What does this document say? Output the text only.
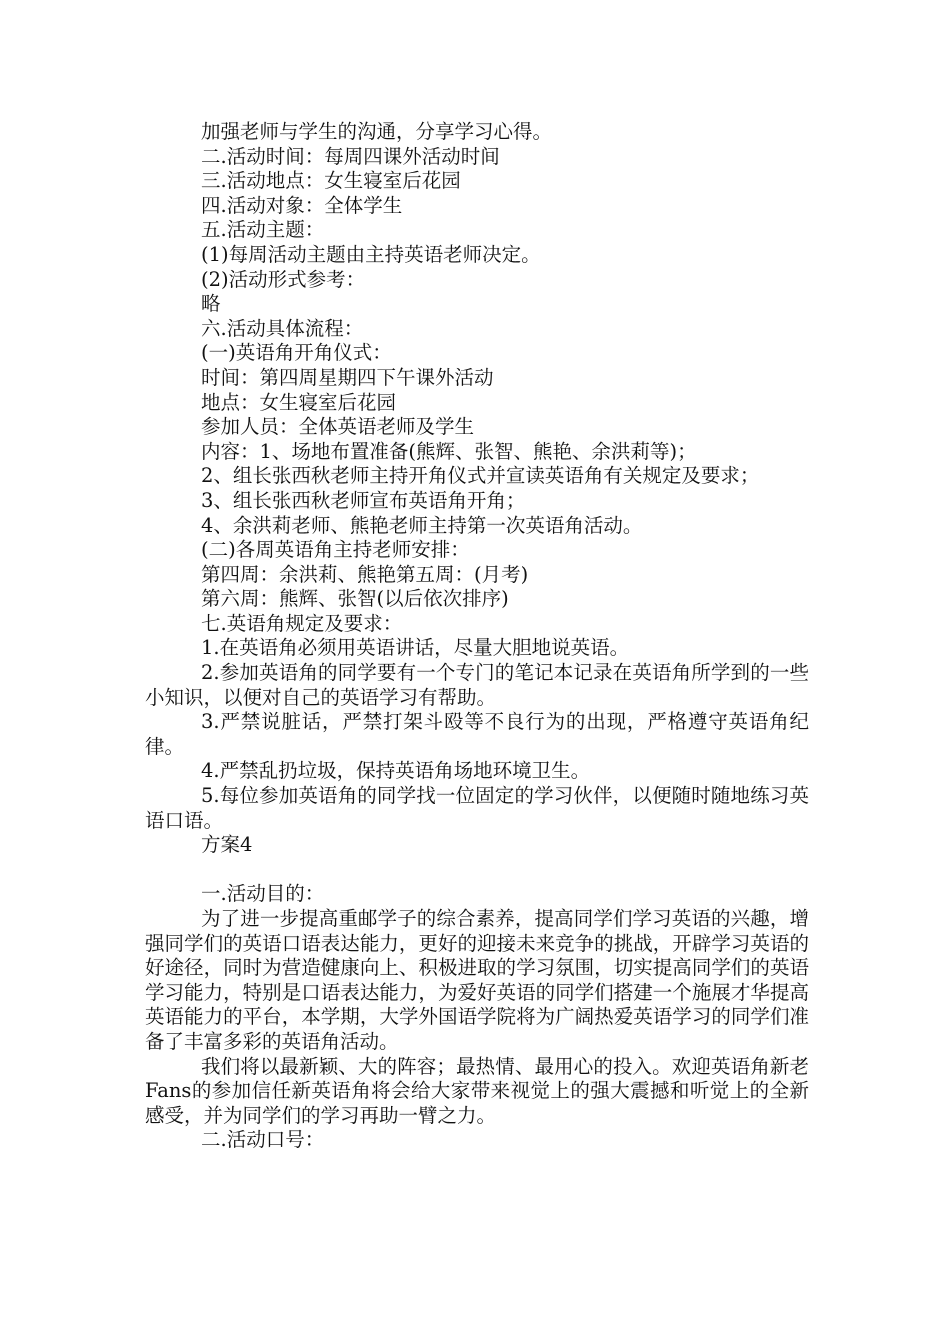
加强老师与学生的沟通，分享学习心得。

二.活动时间：每周四课外活动时间

三.活动地点：女生寝室后花园

四.活动对象：全体学生

五.活动主题：

(1)每周活动主题由主持英语老师决定。

(2)活动形式参考：

略

六.活动具体流程：

(一)英语角开角仪式：

时间：第四周星期四下午课外活动

地点：女生寝室后花园

参加人员：全体英语老师及学生

内容：1、场地布置准备(熊辉、张智、熊艳、余洪莉等)；

2、组长张西秋老师主持开角仪式并宣读英语角有关规定及要求；

3、组长张西秋老师宣布英语角开角；

4、余洪莉老师、熊艳老师主持第一次英语角活动。

(二)各周英语角主持老师安排：

第四周：余洪莉、熊艳第五周：(月考)

第六周：熊辉、张智(以后依次排序)

七.英语角规定及要求：

1.在英语角必须用英语讲话，尽量大胆地说英语。

2.参加英语角的同学要有一个专门的笔记本记录在英语角所学到的一些小知识，以便对自己的英语学习有帮助。

3.严禁说脏话，严禁打架斗殴等不良行为的出现，严格遵守英语角纪律。

4.严禁乱扔垃圾，保持英语角场地环境卫生。

5.每位参加英语角的同学找一位固定的学习伙伴，以便随时随地练习英语口语。

方案4

一.活动目的：

为了进一步提高重邮学子的综合素养，提高同学们学习英语的兴趣，增强同学们的英语口语表达能力，更好的迎接未来竞争的挑战，开辟学习英语的好途径，同时为营造健康向上、积极进取的学习氛围，切实提高同学们的英语学习能力，特别是口语表达能力，为爱好英语的同学们搭建一个施展才华提高英语能力的平台，本学期，大学外国语学院将为广阔热爱英语学习的同学们准备了丰富多彩的英语角活动。

我们将以最新颖、大的阵容；最热情、最用心的投入。欢迎英语角新老Fans的参加信任新英语角将会给大家带来视觉上的强大震撼和听觉上的全新感受，并为同学们的学习再助一臂之力。

二.活动口号：
